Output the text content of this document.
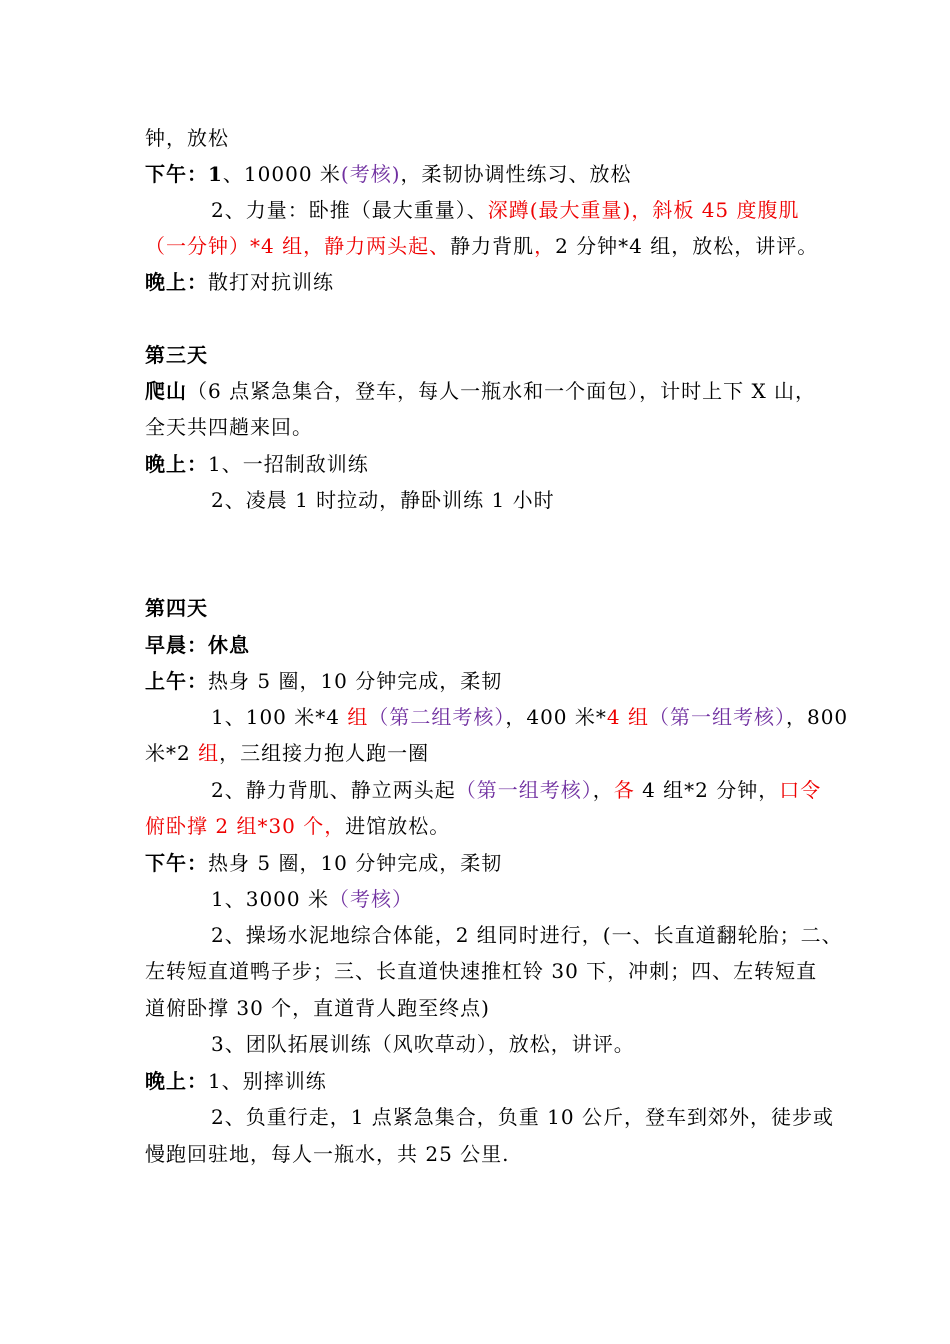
钟，放松
下午：1、10000 米(考核)，柔韧协调性练习、放松
2、力量：卧推（最大重量）、深蹲(最大重量)，斜板 45 度腹肌
（一分钟）*4 组，静力两头起、静力背肌，2 分钟*4 组，放松，讲评。
晚上：散打对抗训练
第三天
爬山（6 点紧急集合，登车，每人一瓶水和一个面包），计时上下 X 山，
全天共四趟来回。
晚上：1、一招制敌训练
2、凌晨 1 时拉动，静卧训练 1 小时
第四天
早晨：休息
上午：热身 5 圈，10 分钟完成，柔韧
1、100 米*4 组（第二组考核），400 米*4 组（第一组考核），800
米*2 组，三组接力抱人跑一圈
2、静力背肌、静立两头起（第一组考核），各 4 组*2 分钟，口令
俯卧撑 2 组*30 个，进馆放松。
下午：热身 5 圈，10 分钟完成，柔韧
1、3000 米（考核）
2、操场水泥地综合体能，2 组同时进行，(一、长直道翻轮胎；二、
左转短直道鸭子步；三、长直道快速推杠铃 30 下，冲刺；四、左转短直
道俯卧撑 30 个，直道背人跑至终点)
3、团队拓展训练（风吹草动），放松，讲评。
晚上：1、别摔训练
2、负重行走，1 点紧急集合，负重 10 公斤，登车到郊外，徒步或
慢跑回驻地，每人一瓶水，共 25 公里.
